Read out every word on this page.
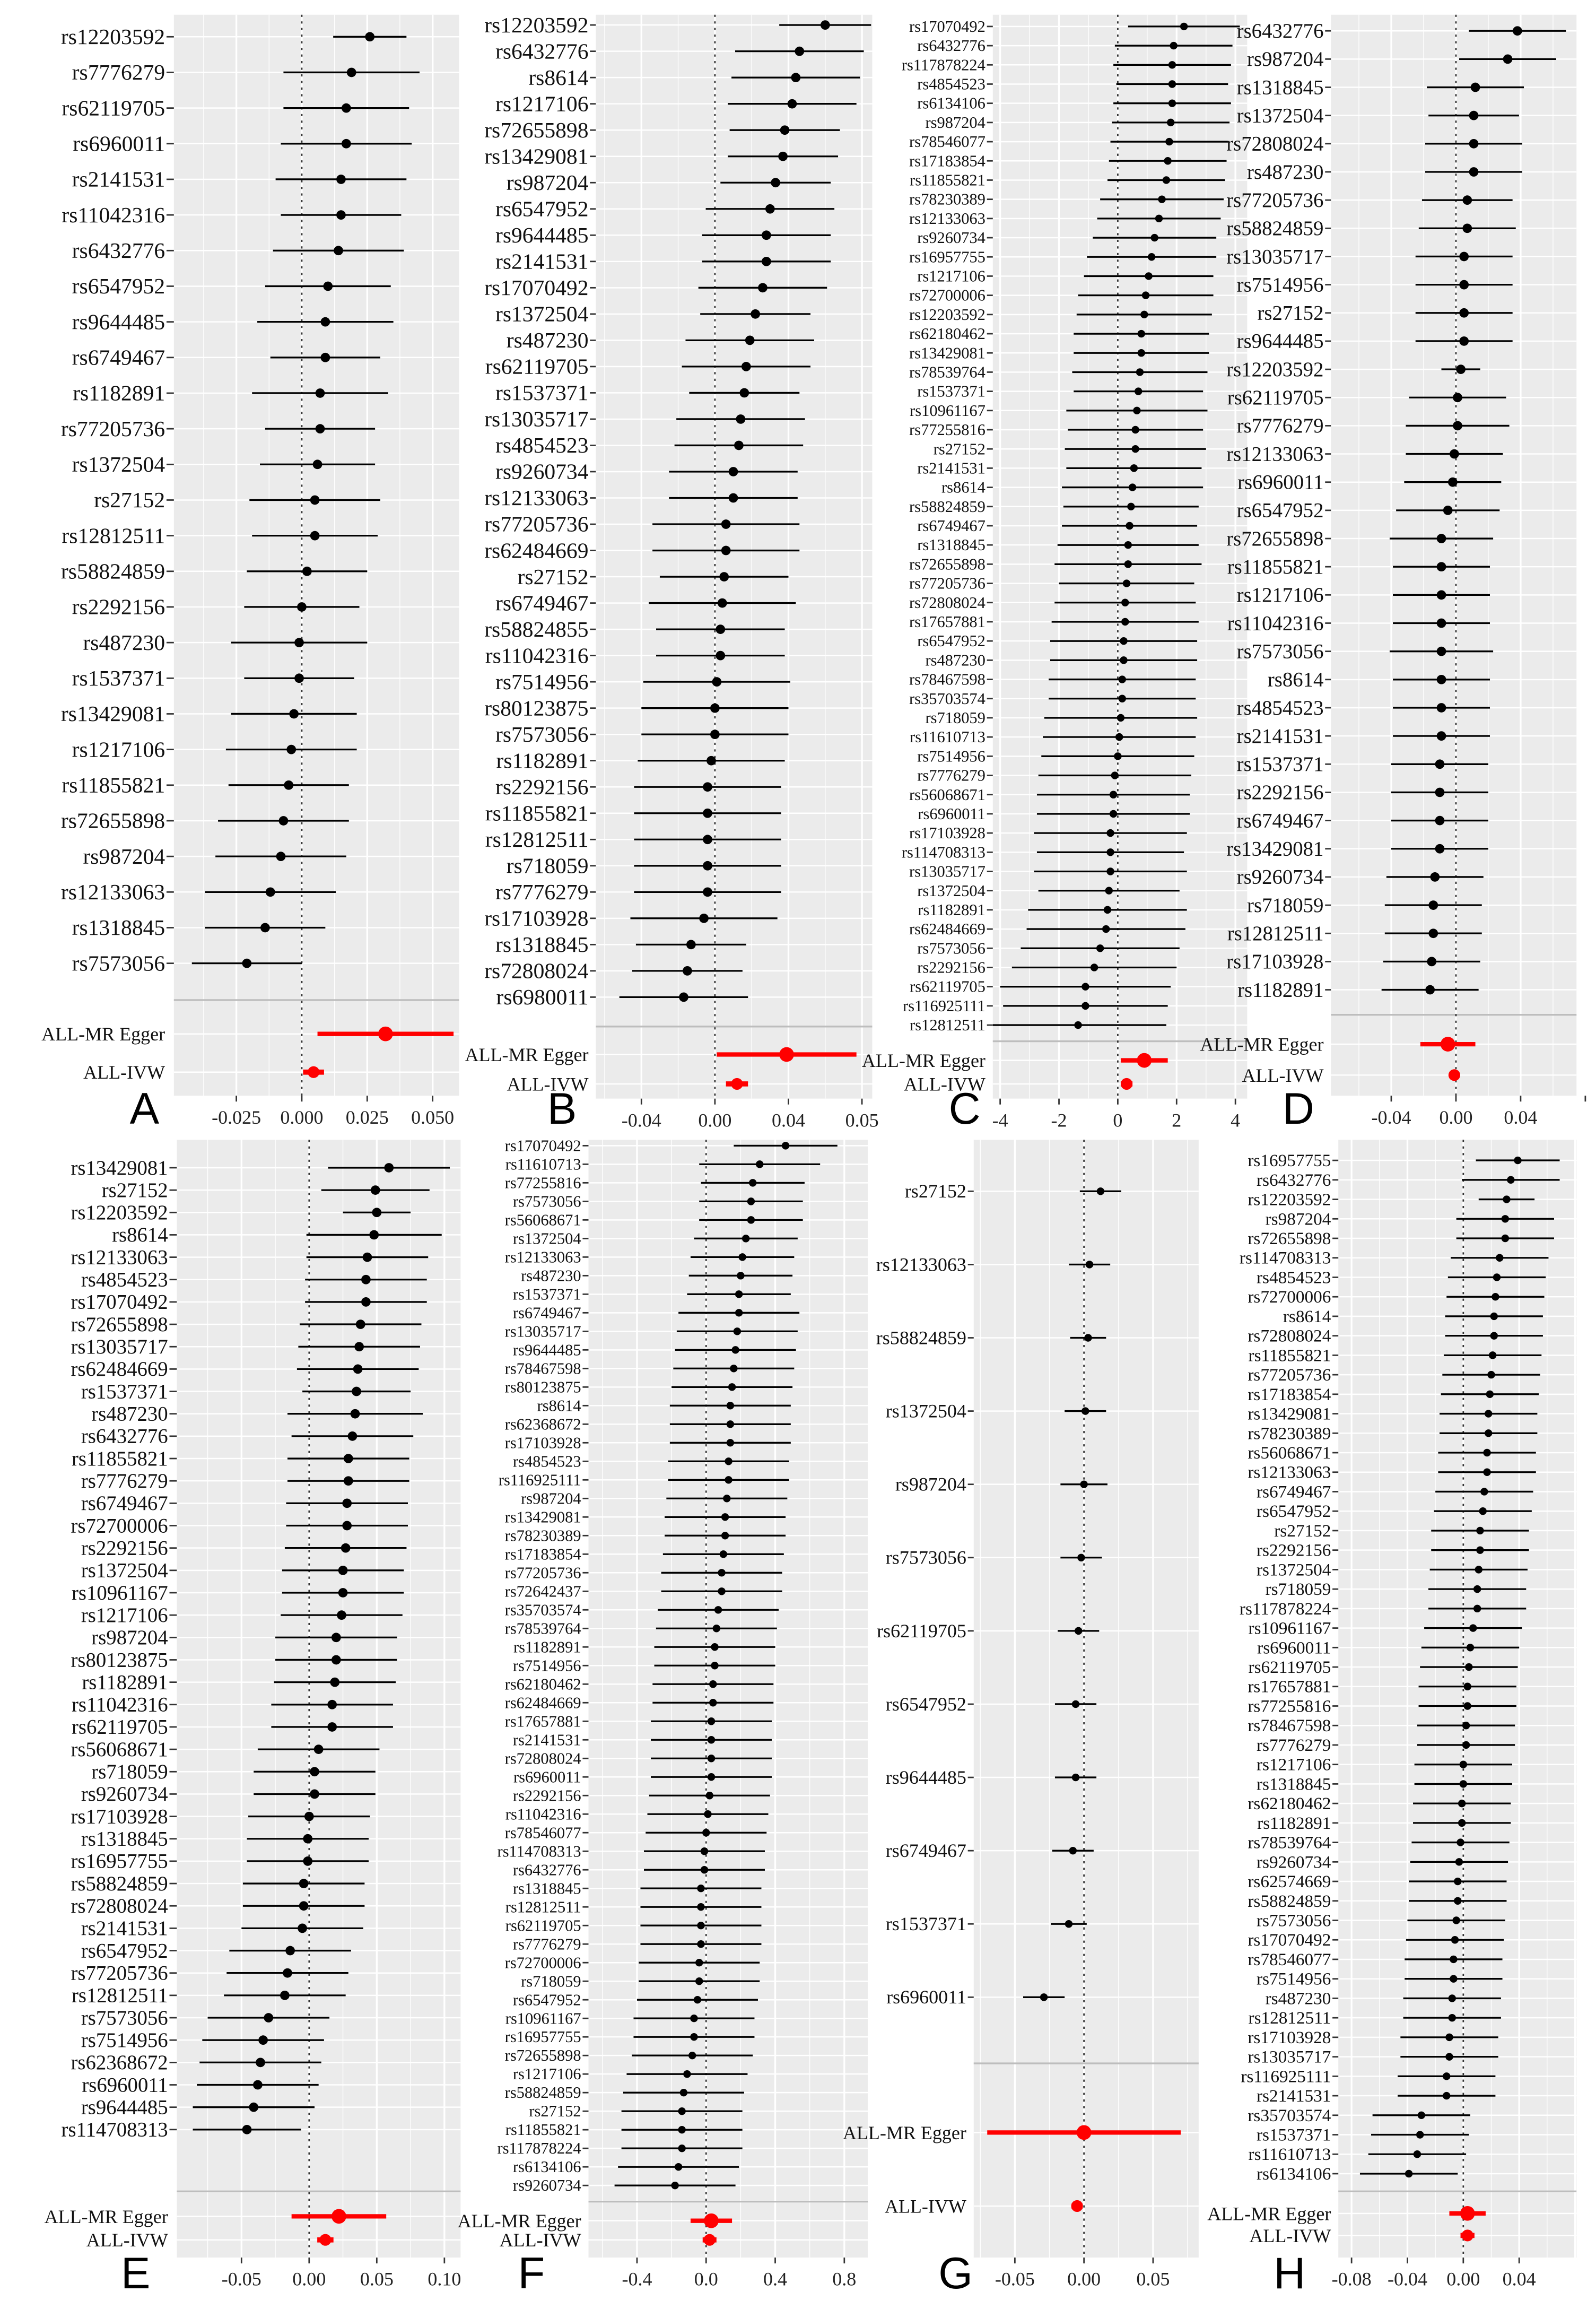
rs12203592
rs7776279
rs62119705
rs6960011
rs2141531
rs11042316
rs6432776
rs6547952
rs9644485
rs6749467
rs1182891
rs77205736
rs1372504
rs27152
rs12812511
rs58824859
rs2292156
rs487230
rs1537371
rs13429081
rs1217106
rs11855821
rs72655898
rs987204
rs12133063
rs1318845
rs7573056
ALL-MR Egger
ALL-IVW
-0.025	0.000	0.025	0.050
A
rs12203592
rs6432776
rs8614
rs1217106
rs72655898
rs13429081
rs987204
rs6547952
rs9644485
rs2141531
rs17070492
rs1372504
rs487230
rs62119705
rs1537371
rs13035717
rs4854523
rs9260734
rs12133063
rs77205736
rs62484669
rs27152
rs6749467
rs58824855
rs11042316
rs7514956
rs80123875
rs7573056
rs1182891
rs2292156
rs11855821
rs12812511
rs718059
rs7776279
rs17103928
rs1318845
rs72808024
rs6980011
ALL-MR Egger
ALL-IVW
-0.04	0.00	0.04	0.05
B
rs17070492
rs6432776
rs117878224
rs4854523
rs6134106
rs987204
rs78546077
rs17183854
rs11855821
rs78230389
rs12133063
rs9260734
rs16957755
rs1217106
rs72700006
rs12203592
rs62180462
rs13429081
rs78539764
rs1537371
rs10961167
rs77255816
rs27152
rs2141531
rs8614
rs58824859
rs6749467
rs1318845
rs72655898
rs77205736
rs72808024
rs17657881
rs6547952
rs487230
rs78467598
rs35703574
rs718059
rs11610713
rs7514956
rs7776279
rs56068671
rs6960011
rs17103928
rs114708313
rs13035717
rs1372504
rs1182891
rs62484669
rs7573056
rs2292156
rs62119705
rs116925111
rs12812511
ALL-MR Egger
ALL-IVW
-4	-2	0	2	4
C
rs6432776
rs987204
rs1318845
rs1372504
rs72808024
rs487230
rs77205736
rs58824859
rs13035717
rs7514956
rs27152
rs9644485
rs12203592
rs62119705
rs7776279
rs12133063
rs6960011
rs6547952
rs72655898
rs11855821
rs1217106
rs11042316
rs7573056
rs8614
rs4854523
rs2141531
rs1537371
rs2292156
rs6749467
rs13429081
rs9260734
rs718059
rs12812511
rs17103928
rs1182891
ALL-MR Egger
ALL-IVW
-0.04	0.00	0.04
D
rs13429081
rs27152
rs12203592
rs8614
rs12133063
rs4854523
rs17070492
rs72655898
rs13035717
rs62484669
rs1537371
rs487230
rs6432776
rs11855821
rs7776279
rs6749467
rs72700006
rs2292156
rs1372504
rs10961167
rs1217106
rs987204
rs80123875
rs1182891
rs11042316
rs62119705
rs56068671
rs718059
rs9260734
rs17103928
rs1318845
rs16957755
rs58824859
rs72808024
rs2141531
rs6547952
rs77205736
rs12812511
rs7573056
rs7514956
rs62368672
rs6960011
rs9644485
rs114708313
ALL-MR Egger
ALL-IVW
-0.05	0.00	0.05	0.10
E
rs17070492
rs11610713
rs77255816
rs7573056
rs56068671
rs1372504
rs12133063
rs487230
rs1537371
rs6749467
rs13035717
rs9644485
rs78467598
rs80123875
rs8614
rs62368672
rs17103928
rs4854523
rs116925111
rs987204
rs13429081
rs78230389
rs17183854
rs77205736
rs72642437
rs35703574
rs78539764
rs1182891
rs7514956
rs62180462
rs62484669
rs17657881
rs2141531
rs72808024
rs6960011
rs2292156
rs11042316
rs78546077
rs114708313
rs6432776
rs1318845
rs12812511
rs62119705
rs7776279
rs72700006
rs718059
rs6547952
rs10961167
rs16957755
rs72655898
rs1217106
rs58824859
rs27152
rs11855821
rs117878224
rs6134106
rs9260734
ALL-MR Egger
ALL-IVW
-0.4	0.0	0.4	0.8
F
rs27152
rs12133063
rs58824859
rs1372504
rs987204
rs7573056
rs62119705
rs6547952
rs9644485
rs6749467
rs1537371
rs6960011
ALL-MR Egger
ALL-IVW
-0.05	0.00	0.05
G
rs16957755
rs6432776
rs12203592
rs987204
rs72655898
rs114708313
rs4854523
rs72700006
rs8614
rs72808024
rs11855821
rs77205736
rs17183854
rs13429081
rs78230389
rs56068671
rs12133063
rs6749467
rs6547952
rs27152
rs2292156
rs1372504
rs718059
rs117878224
rs10961167
rs6960011
rs62119705
rs17657881
rs77255816
rs78467598
rs7776279
rs1217106
rs1318845
rs62180462
rs1182891
rs78539764
rs9260734
rs62574669
rs58824859
rs7573056
rs17070492
rs78546077
rs7514956
rs487230
rs12812511
rs17103928
rs13035717
rs116925111
rs2141531
rs35703574
rs1537371
rs11610713
rs6134106
ALL-MR Egger
ALL-IVW
-0.08 -0.04	0.00	0.04
H
